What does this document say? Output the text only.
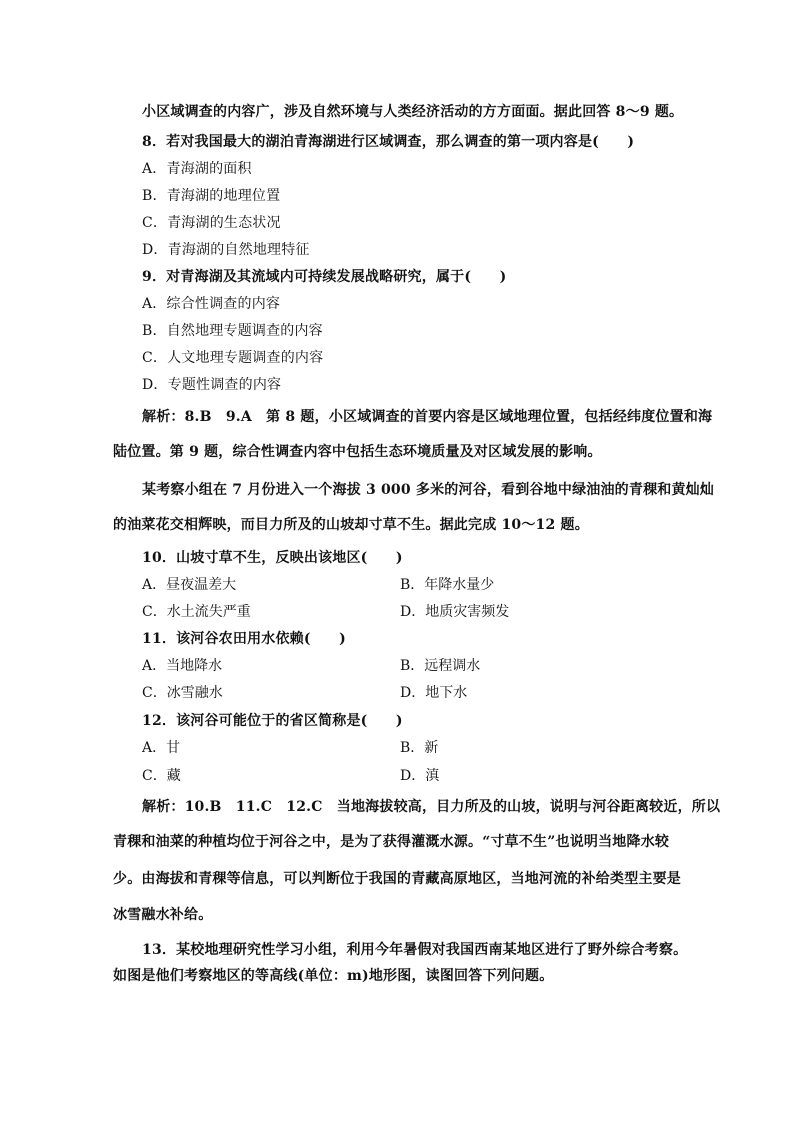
小区域调查的内容广，涉及自然环境与人类经济活动的方方面面。据此回答 8～9 题。
8．若对我国最大的湖泊青海湖进行区域调查，那么调查的第一项内容是(　　)
A．青海湖的面积
B．青海湖的地理位置
C．青海湖的生态状况
D．青海湖的自然地理特征
9．对青海湖及其流域内可持续发展战略研究，属于(　　)
A．综合性调查的内容
B．自然地理专题调查的内容
C．人文地理专题调查的内容
D．专题性调查的内容
解析：8.B　9.A　第 8 题，小区域调查的首要内容是区域地理位置，包括经纬度位置和海
陆位置。第 9 题，综合性调查内容中包括生态环境质量及对区域发展的影响。
某考察小组在 7 月份进入一个海拔 3 000 多米的河谷，看到谷地中绿油油的青稞和黄灿灿
的油菜花交相辉映，而目力所及的山坡却寸草不生。据此完成 10～12 题。
10．山坡寸草不生，反映出该地区(　　)
A．昼夜温差大	B．年降水量少
C．水土流失严重	D．地质灾害频发
11．该河谷农田用水依赖(　　)
A．当地降水	B．远程调水
C．冰雪融水	D．地下水
12．该河谷可能位于的省区简称是(　　)
A．甘	B．新
C．藏	D．滇
解析：10.B　11.C　12.C　当地海拔较高，目力所及的山坡，说明与河谷距离较近，所以
青稞和油菜的种植均位于河谷之中，是为了获得灌溉水源。“寸草不生”也说明当地降水较
少。由海拔和青稞等信息，可以判断位于我国的青藏高原地区，当地河流的补给类型主要是
冰雪融水补给。
13．某校地理研究性学习小组，利用今年暑假对我国西南某地区进行了野外综合考察。
如图是他们考察地区的等高线(单位：m)地形图，读图回答下列问题。
